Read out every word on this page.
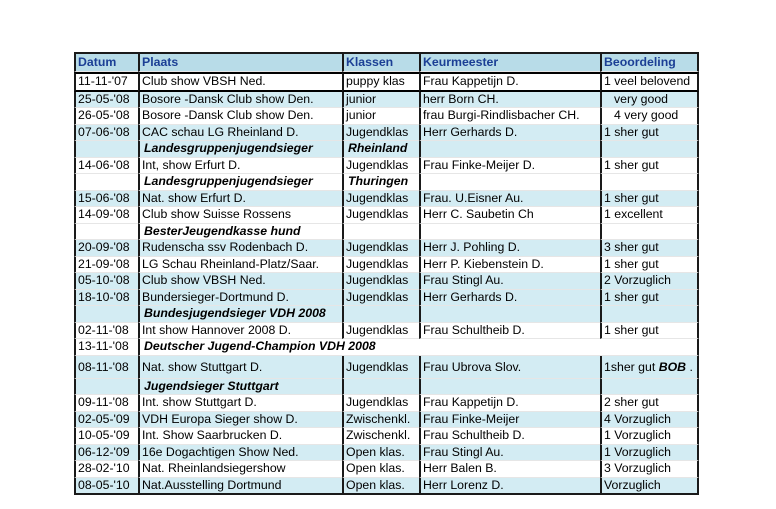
Datum	Plaats	Klassen	Keurmeester	Beoordeling
11-11-'07	Club show VBSH Ned.	puppy klas	Frau Kappetijn D.	1 veel belovend
25-05-'08	Bosore -Dansk Club show Den.	junior	herr Born CH.	very good
26-05-'08	Bosore -Dansk Club show Den.	junior	frau Burgi-Rindlisbacher CH.	4 very good
07-06-'08	CAC schau LG Rheinland D.	Jugendklas	Herr Gerhards D.	1 sher gut
	Landesgruppenjugendsieger	Rheinland		
14-06-'08	Int, show Erfurt D.	Jugendklas	Frau Finke-Meijer D.	1 sher gut
	Landesgruppenjugendsieger	Thuringen		
15-06-'08	Nat. show Erfurt D.	Jugendklas	Frau. U.Eisner Au.	1 sher gut
14-09-'08	Club show Suisse Rossens	Jugendklas	Herr C. Saubetin Ch	1 excellent
	BesterJeugendkasse hund			
20-09-'08	Rudenscha ssv Rodenbach D.	Jugendklas	Herr J. Pohling D.	3 sher gut
21-09-'08	LG Schau Rheinland-Platz/Saar.	Jugendklas	Herr P. Kiebenstein D.	1 sher gut
05-10-'08	Club show VBSH Ned.	Jugendklas	Frau Stingl Au.	2 Vorzuglich
18-10-'08	Bundersieger-Dortmund D.	Jugendklas	Herr Gerhards D.	1 sher gut
	Bundesjugendsieger VDH 2008			
02-11-'08	Int show Hannover 2008 D.	Jugendklas	Frau Schultheib D.	1 sher gut
13-11-'08	Deutscher Jugend-Champion VDH 2008			
08-11-'08	Nat. show Stuttgart D.	Jugendklas	Frau Ubrova Slov.	1sher gut BOB .
	Jugendsieger Stuttgart			
09-11-'08	Int. show Stuttgart D.	Jugendklas	Frau Kappetijn D.	2 sher gut
02-05-'09	VDH Europa Sieger show D.	Zwischenkl.	Frau Finke-Meijer	4 Vorzuglich
10-05-'09	Int. Show Saarbrucken D.	Zwischenkl.	Frau Schultheib D.	1 Vorzuglich
06-12-'09	16e Dogachtigen Show Ned.	Open klas.	Frau Stingl Au.	1 Vorzuglich
28-02-'10	Nat. Rheinlandsiegershow	Open klas.	Herr Balen B.	3 Vorzuglich
08-05-'10	Nat.Ausstelling Dortmund	Open klas.	Herr Lorenz D.	Vorzuglich
